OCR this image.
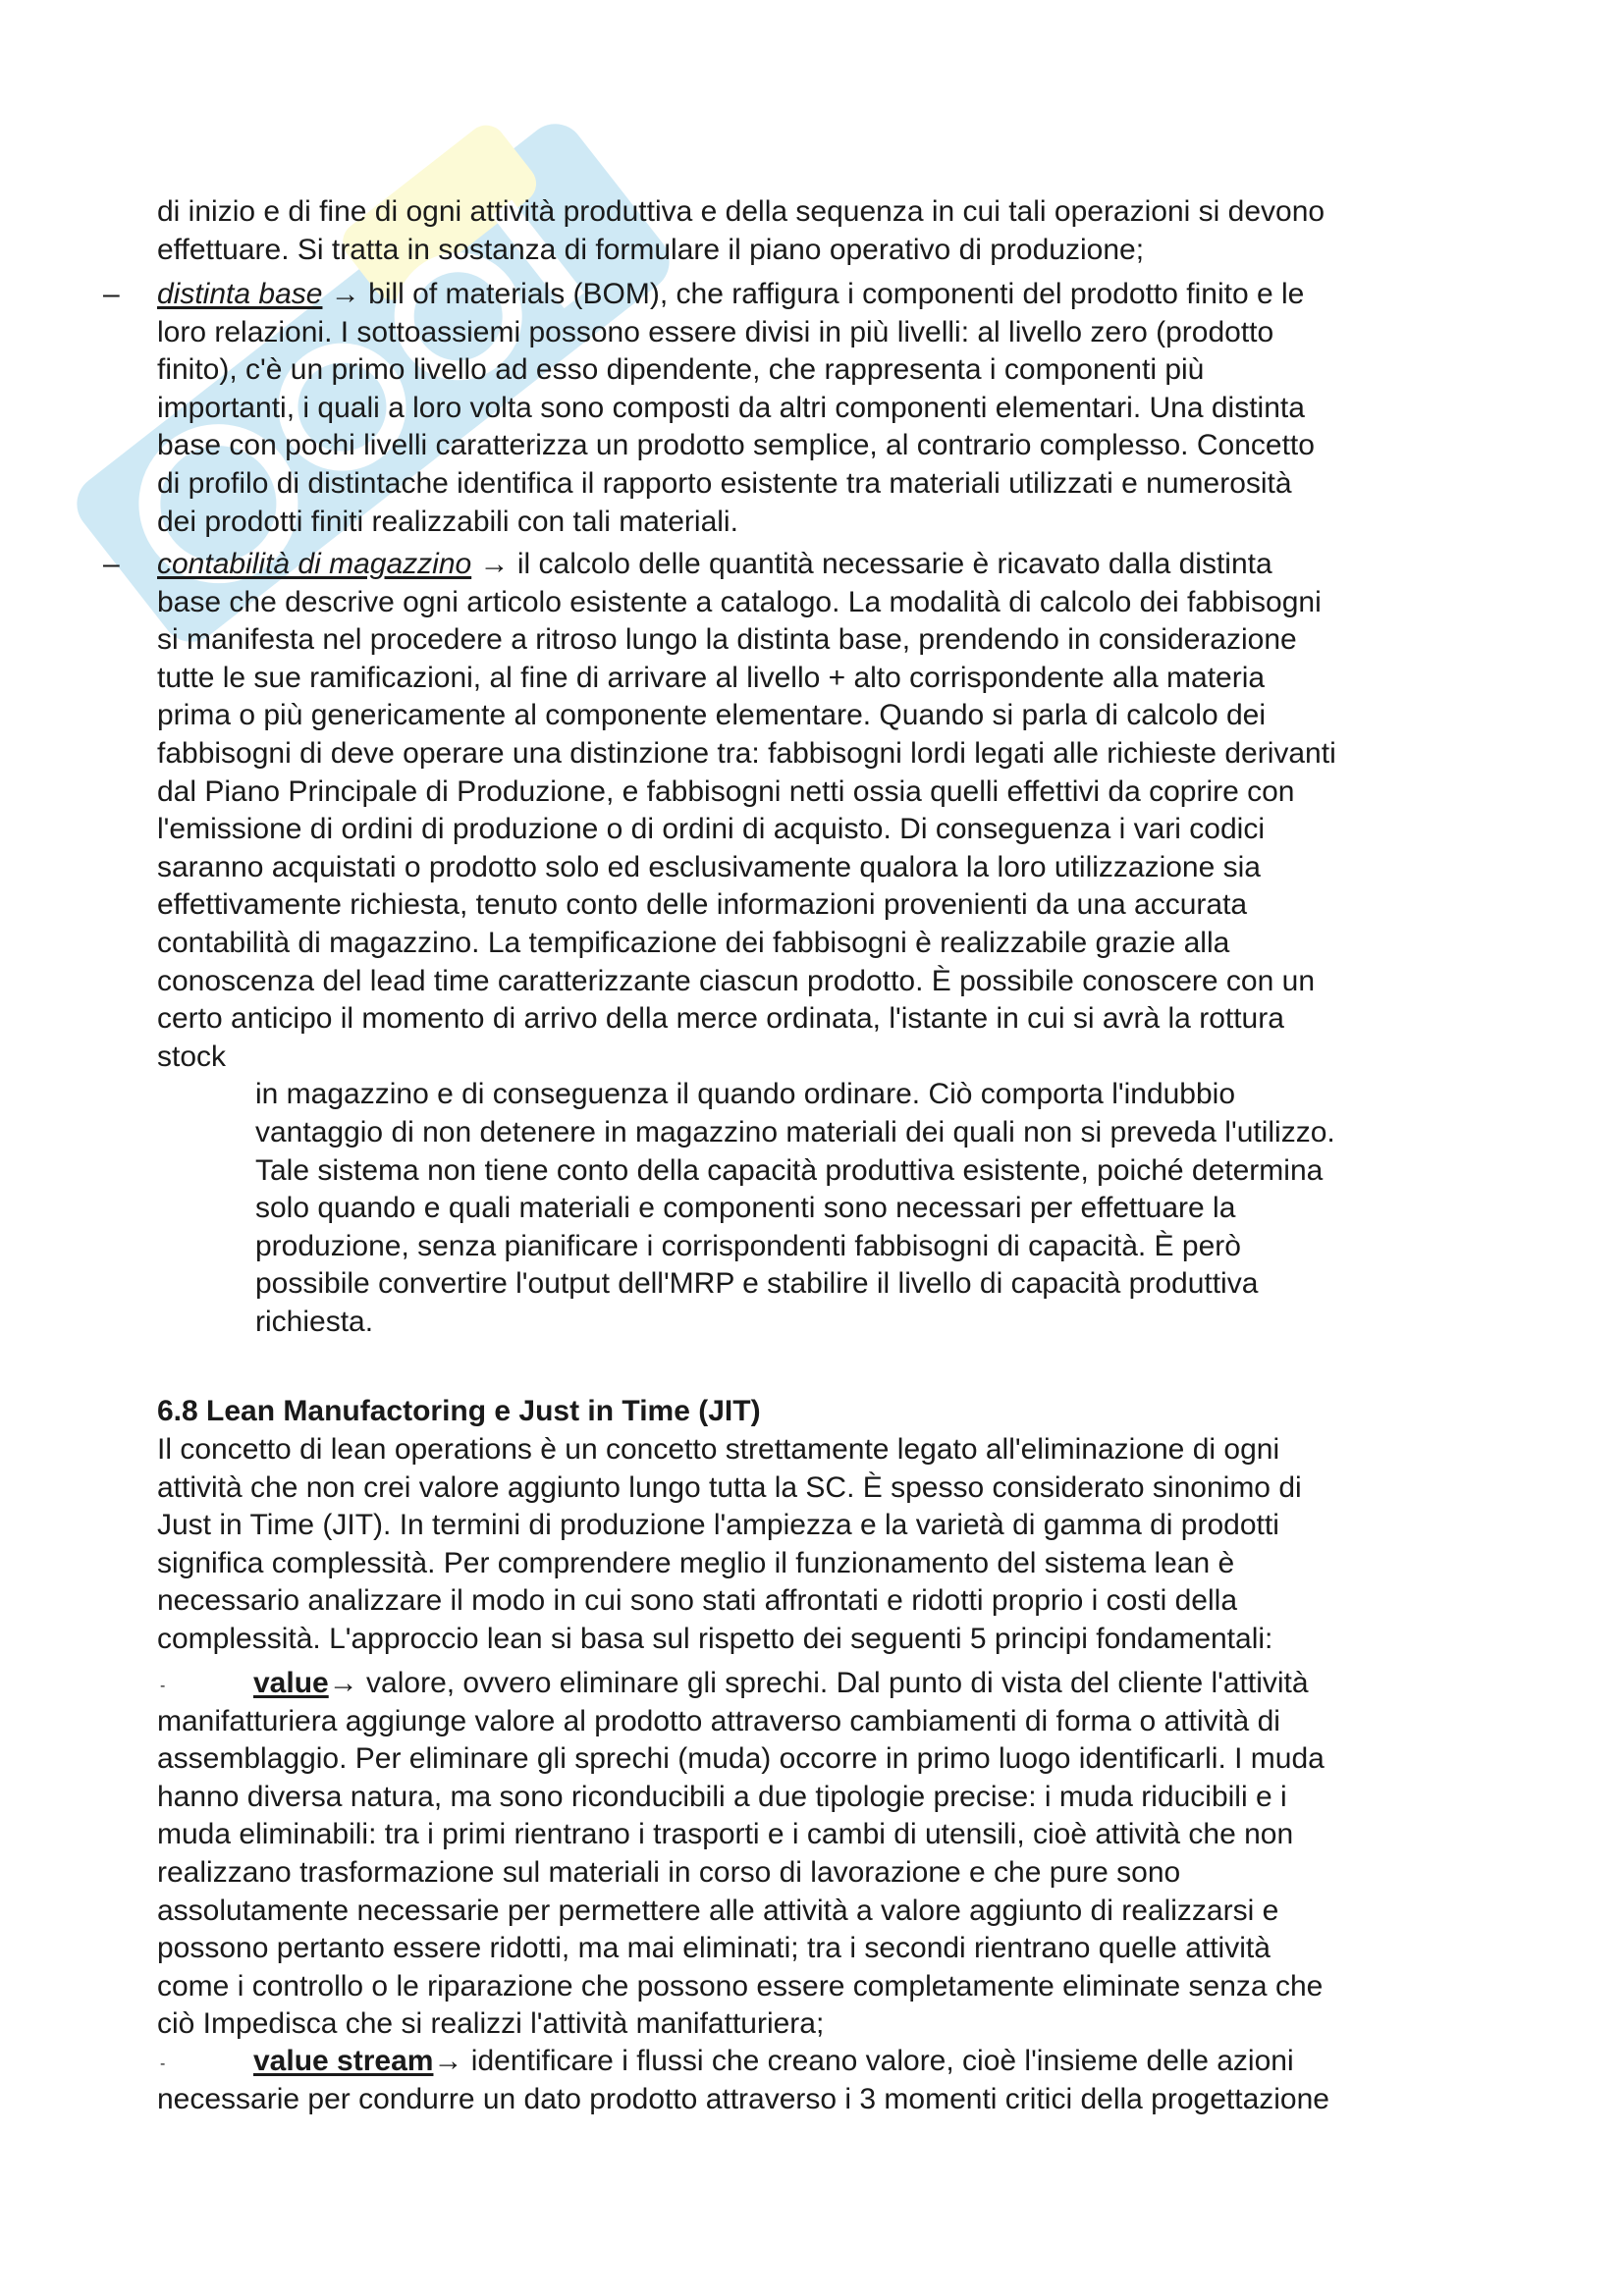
di inizio e di fine di ogni attività produttiva e della sequenza in cui tali operazioni si devono
effettuare. Si tratta in sostanza di formulare il piano operativo di produzione;
– distinta base → bill of materials (BOM), che raffigura i componenti del prodotto finito e le
loro relazioni. I sottoassiemi possono essere divisi in più livelli: al livello zero (prodotto
finito), c'è un primo livello ad esso dipendente, che rappresenta i componenti più
importanti, i quali a loro volta sono composti da altri componenti elementari. Una distinta
base con pochi livelli caratterizza un prodotto semplice, al contrario complesso. Concetto
di profilo di distintache identifica il rapporto esistente tra materiali utilizzati e numerosità
dei prodotti finiti realizzabili con tali materiali.
– contabilità di magazzino → il calcolo delle quantità necessarie è ricavato dalla distinta
base che descrive ogni articolo esistente a catalogo. La modalità di calcolo dei fabbisogni
si manifesta nel procedere a ritroso lungo la distinta base, prendendo in considerazione
tutte le sue ramificazioni, al fine di arrivare al livello + alto corrispondente alla materia
prima o più genericamente al componente elementare. Quando si parla di calcolo dei
fabbisogni di deve operare una distinzione tra: fabbisogni lordi legati alle richieste derivanti
dal Piano Principale di Produzione, e fabbisogni netti ossia quelli effettivi da coprire con
l'emissione di ordini di produzione o di ordini di acquisto. Di conseguenza i vari codici
saranno acquistati o prodotto solo ed esclusivamente qualora la loro utilizzazione sia
effettivamente richiesta, tenuto conto delle informazioni provenienti da una accurata
contabilità di magazzino. La tempificazione dei fabbisogni è realizzabile grazie alla
conoscenza del lead time caratterizzante ciascun prodotto. È possibile conoscere con un
certo anticipo il momento di arrivo della merce ordinata, l'istante in cui si avrà la rottura
stock
in magazzino e di conseguenza il quando ordinare. Ciò comporta l'indubbio
vantaggio di non detenere in magazzino materiali dei quali non si preveda l'utilizzo.
Tale sistema non tiene conto della capacità produttiva esistente, poiché determina
solo quando e quali materiali e componenti sono necessari per effettuare la
produzione, senza pianificare i corrispondenti fabbisogni di capacità. È però
possibile convertire l'output dell'MRP e stabilire il livello di capacità produttiva
richiesta.
6.8 Lean Manufactoring e Just in Time (JIT)
Il concetto di lean operations è un concetto strettamente legato all'eliminazione di ogni
attività che non crei valore aggiunto lungo tutta la SC. È spesso considerato sinonimo di
Just in Time (JIT). In termini di produzione l'ampiezza e la varietà di gamma di prodotti
significa complessità. Per comprendere meglio il funzionamento del sistema lean è
necessario analizzare il modo in cui sono stati affrontati e ridotti proprio i costi della
complessità. L'approccio lean si basa sul rispetto dei seguenti 5 principi fondamentali:
-	value→ valore, ovvero eliminare gli sprechi. Dal punto di vista del cliente l'attività
manifatturiera aggiunge valore al prodotto attraverso cambiamenti di forma o attività di
assemblaggio. Per eliminare gli sprechi (muda) occorre in primo luogo identificarli. I muda
hanno diversa natura, ma sono riconducibili a due tipologie precise: i muda riducibili e i
muda eliminabili: tra i primi rientrano i trasporti e i cambi di utensili, cioè attività che non
realizzano trasformazione sul materiali in corso di lavorazione e che pure sono
assolutamente necessarie per permettere alle attività a valore aggiunto di realizzarsi e
possono pertanto essere ridotti, ma mai eliminati; tra i secondi rientrano quelle attività
come i controllo o le riparazione che possono essere completamente eliminate senza che
ciò Impedisca che si realizzi l'attività manifatturiera;
-	value stream→ identificare i flussi che creano valore, cioè l'insieme delle azioni
necessarie per condurre un dato prodotto attraverso i 3 momenti critici della progettazione
